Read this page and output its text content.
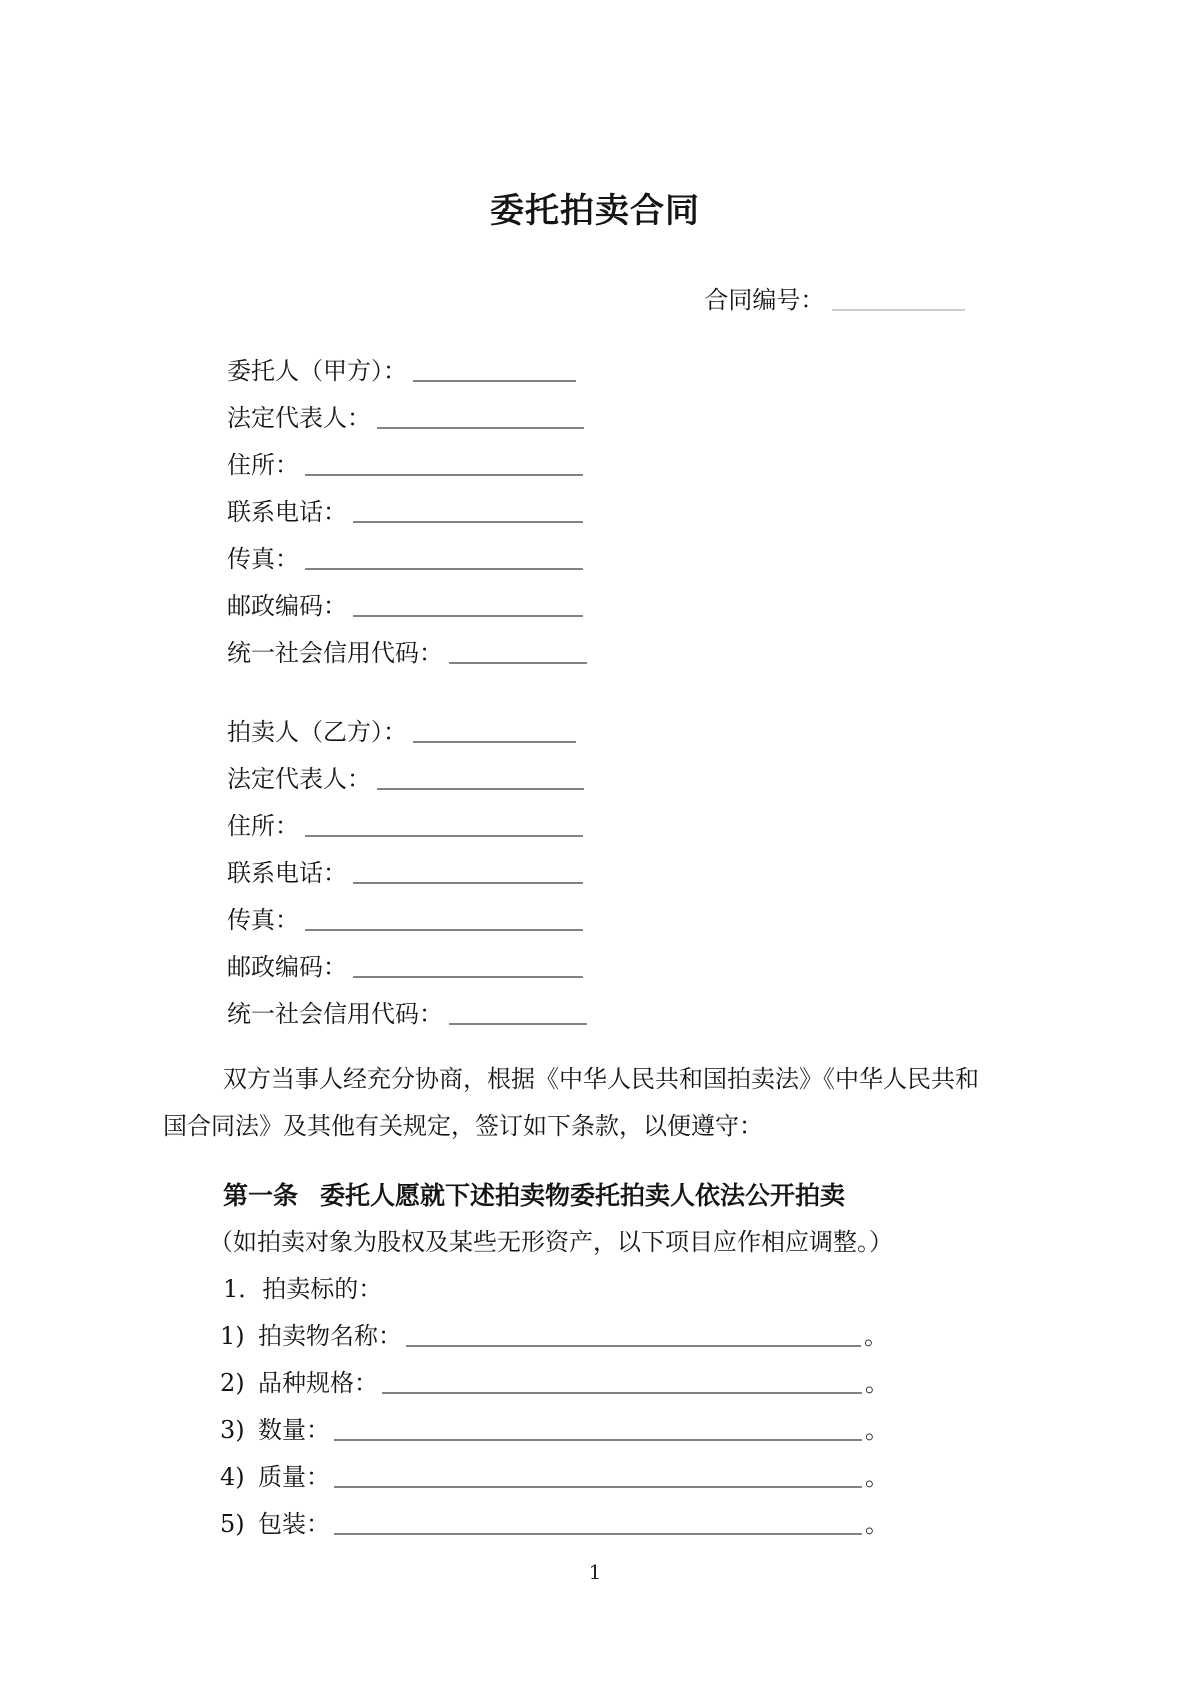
委托拍卖合同
合同编号：
委托人（甲方）：
法定代表人：
住所：
联系电话：
传真：
邮政编码：
统一社会信用代码：
拍卖人（乙方）：
法定代表人：
住所：
联系电话：
传真：
邮政编码：
统一社会信用代码：
双方当事人经充分协商，根据《中华人民共和国拍卖法》《中华人民共和
国合同法》及其他有关规定，签订如下条款，以便遵守：
第一条 委托人愿就下述拍卖物委托拍卖人依法公开拍卖
（如拍卖对象为股权及某些无形资产，以下项目应作相应调整。）
1．拍卖标的：
1) 拍卖物名称：	。
2) 品种规格：	。
3) 数量：	。
4) 质量：	。
5) 包装：	。
1
